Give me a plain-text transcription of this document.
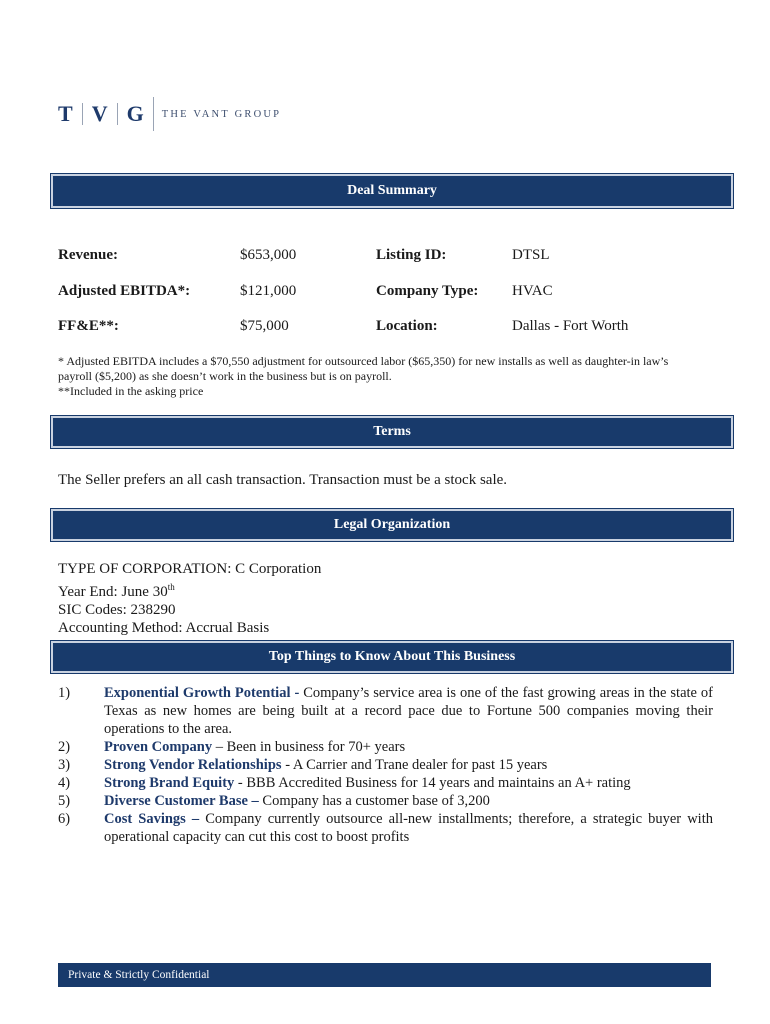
T V G THE VANT GROUP
Deal Summary
Revenue:	$653,000	Listing ID:	DTSL
Adjusted EBITDA*:	$121,000	Company Type: HVAC
FF&E**:	$75,000	Location:	Dallas - Fort Worth
* Adjusted EBITDA includes a $70,550 adjustment for outsourced labor ($65,350) for new installs as well as daughter-in law’s
payroll ($5,200) as she doesn’t work in the business but is on payroll.
**Included in the asking price
Terms
The Seller prefers an all cash transaction. Transaction must be a stock sale.
Legal Organization
TYPE OF CORPORATION: C Corporation
Year End: June 30th
SIC Codes: 238290
Accounting Method: Accrual Basis
Top Things to Know About This Business
1)	Exponential Growth Potential - Company’s service area is one of the fast growing areas in the state of Texas as new homes are being built at a record pace due to Fortune 500 companies moving their operations to the area.
2)	Proven Company – Been in business for 70+ years
3)	Strong Vendor Relationships - A Carrier and Trane dealer for past 15 years
4)	Strong Brand Equity - BBB Accredited Business for 14 years and maintains an A+ rating
5)	Diverse Customer Base – Company has a customer base of 3,200
6)	Cost Savings – Company currently outsource all-new installments; therefore, a strategic buyer with operational capacity can cut this cost to boost profits
Private & Strictly Confidential
